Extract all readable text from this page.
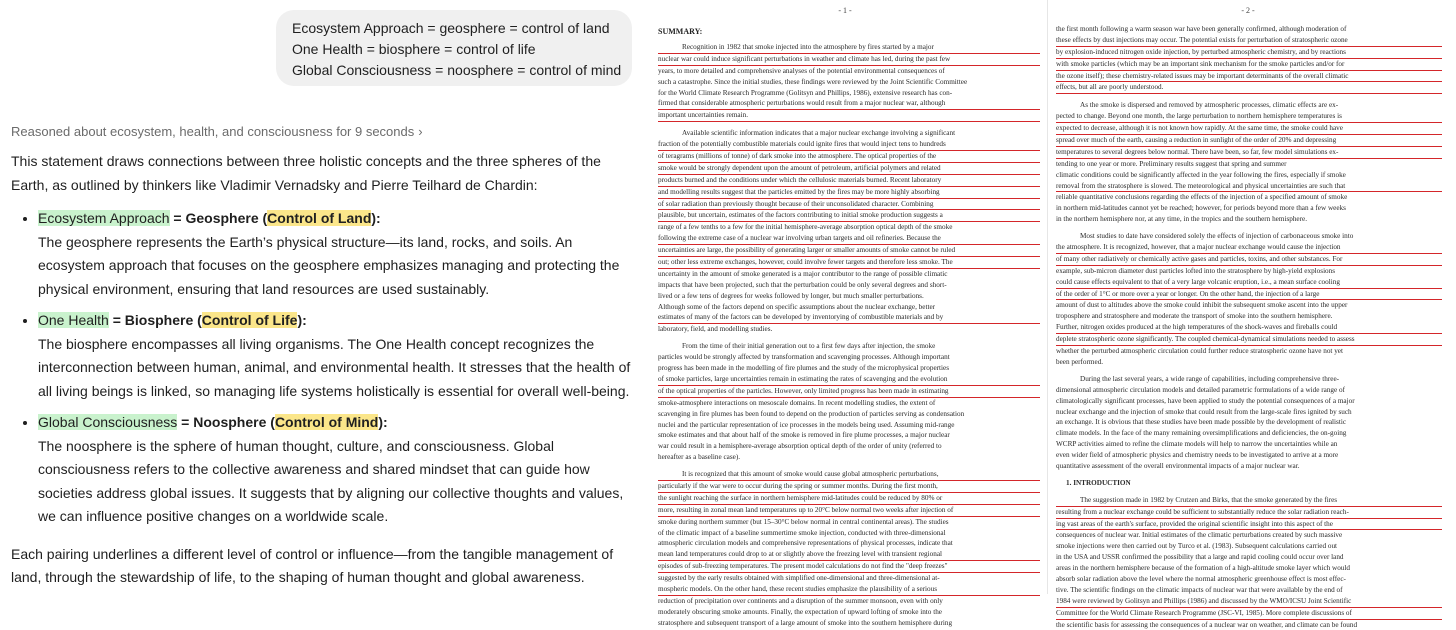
Ecosystem Approach = geosphere = control of land
One Health = biosphere = control of life
Global Consciousness = noosphere = control of mind
Reasoned about ecosystem, health, and consciousness for 9 seconds ›

This statement draws connections between three holistic concepts and the three spheres of the Earth, as outlined by thinkers like Vladimir Vernadsky and Pierre Teilhard de Chardin:

• Ecosystem Approach = Geosphere (Control of Land):
The geosphere represents the Earth’s physical structure—its land, rocks, and soils. An ecosystem approach that focuses on the geosphere emphasizes managing and protecting the physical environment, ensuring that land resources are used sustainably.
• One Health = Biosphere (Control of Life):
The biosphere encompasses all living organisms. The One Health concept recognizes the interconnection between human, animal, and environmental health. It stresses that the health of all living beings is linked, so managing life systems holistically is essential for overall well-being.
• Global Consciousness = Noosphere (Control of Mind):
The noosphere is the sphere of human thought, culture, and consciousness. Global consciousness refers to the collective awareness and shared mindset that can guide how societies address global issues. It suggests that by aligning our collective thoughts and values, we can influence positive changes on a worldwide scale.

Each pairing underlines a different level of control or influence—from the tangible management of land, through the stewardship of life, to the shaping of human thought and global awareness.

- 1 -
SUMMARY:
Recognition in 1982 that smoke injected into the atmosphere by fires started by a major
nuclear war could induce significant perturbations in weather and climate has led, during the past few
years, to more detailed and comprehensive analyses of the potential environmental consequences of
such a catastrophe. Since the initial studies, these findings were reviewed by the Joint Scientific Committee
for the World Climate Research Programme (Golitsyn and Phillips, 1986), extensive research has con-
firmed that considerable atmospheric perturbations would result from a major nuclear war, although
important uncertainties remain.
Available scientific information indicates that a major nuclear exchange involving a significant
fraction of the potentially combustible materials could ignite fires that would inject tens to hundreds
of teragrams (millions of tonne) of dark smoke into the atmosphere. The optical properties of the
smoke would be strongly dependent upon the amount of petroleum, artificial polymers and related
products burned and the conditions under which the cellulosic materials burned. Recent laboratory
and modelling results suggest that the particles emitted by the fires may be more highly absorbing
of solar radiation than previously thought because of their unconsolidated character. Combining
plausible, but uncertain, estimates of the factors contributing to initial smoke production suggests a
range of a few tenths to a few for the initial hemisphere-average absorption optical depth of the smoke
following the extreme case of a nuclear war involving urban targets and oil refineries. Because the
uncertainties are large, the possibility of generating larger or smaller amounts of smoke cannot be ruled
out; other less extreme exchanges, however, could involve fewer targets and therefore less smoke. The
uncertainty in the amount of smoke generated is a major contributor to the range of possible climatic
impacts that have been projected, such that the perturbation could be only several degrees and short-
lived or a few tens of degrees for weeks followed by longer, but much smaller perturbations.
Although some of the factors depend on specific assumptions about the nuclear exchange, better
estimates of many of the factors can be developed by inventorying of combustible materials and by
laboratory, field, and modelling studies.
From the time of their initial generation out to a first few days after injection, the smoke
particles would be strongly affected by transformation and scavenging processes. Although important
progress has been made in the modelling of fire plumes and the study of the microphysical properties
of smoke particles, large uncertainties remain in estimating the rates of scavenging and the evolution
of the optical properties of the particles. However, only limited progress has been made in estimating
smoke-atmosphere interactions on mesoscale domains. In recent modelling studies, the extent of
scavenging in fire plumes has been found to depend on the production of particles serving as condensation
nuclei and the particular representation of ice processes in the models being used. Assuming mid-range
smoke estimates and that about half of the smoke is removed in fire plume processes, a major nuclear
war could result in a hemisphere-average absorption optical depth of the order of unity (referred to
hereafter as a baseline case).
It is recognized that this amount of smoke would cause global atmospheric perturbations,
particularly if the war were to occur during the spring or summer months. During the first month,
the sunlight reaching the surface in northern hemisphere mid-latitudes could be reduced by 80% or
more, resulting in zonal mean land temperatures up to 20°C below normal two weeks after injection of
smoke during northern summer (but 15–30°C below normal in central continental areas). The studies
of the climatic impact of a baseline summertime smoke injection, conducted with three-dimensional
atmospheric circulation models and comprehensive representations of physical processes, indicate that
mean land temperatures could drop to at or slightly above the freezing level with transient regional
episodes of sub-freezing temperatures. The present model calculations do not find the "deep freezes"
suggested by the early results obtained with simplified one-dimensional and three-dimensional at-
mospheric models. On the other hand, these recent studies emphasize the plausibility of a serious
reduction of precipitation over continents and a disruption of the summer monsoon, even with only
moderately obscuring smoke amounts. Finally, the expectation of upward lofting of smoke into the
stratosphere and subsequent transport of a large amount of smoke into the southern hemisphere during
- 2 -
the first month following a warm season war have been generally confirmed, although moderation of
these effects by dust injections may occur. The potential exists for perturbation of stratospheric ozone
by explosion-induced nitrogen oxide injection, by perturbed atmospheric chemistry, and by reactions
with smoke particles (which may be an important sink mechanism for the smoke particles and/or for
the ozone itself); these chemistry-related issues may be important determinants of the overall climatic
effects, but all are poorly understood.
As the smoke is dispersed and removed by atmospheric processes, climatic effects are ex-
pected to change. Beyond one month, the large perturbation to northern hemisphere temperatures is
expected to decrease, although it is not known how rapidly. At the same time, the smoke could have
spread over much of the earth, causing a reduction in sunlight of the order of 20% and depressing
temperatures to several degrees below normal. There have been, so far, few model simulations ex-
tending to one year or more. Preliminary results suggest that spring and summer
climatic conditions could be significantly affected in the year following the fires, especially if smoke
removal from the stratosphere is slowed. The meteorological and physical uncertainties are such that
reliable quantitative conclusions regarding the effects of the injection of a specified amount of smoke
in northern mid-latitudes cannot yet be reached; however, for periods beyond more than a few weeks
in the northern hemisphere nor, at any time, in the tropics and the southern hemisphere.
Most studies to date have considered solely the effects of injection of carbonaceous smoke into
the atmosphere. It is recognized, however, that a major nuclear exchange would cause the injection
of many other radiatively or chemically active gases and particles, toxins, and other substances. For
example, sub-micron diameter dust particles lofted into the stratosphere by high-yield explosions
could cause effects equivalent to that of a very large volcanic eruption, i.e., a mean surface cooling
of the order of 1°C or more over a year or longer. On the other hand, the injection of a large
amount of dust to altitudes above the smoke could inhibit the subsequent smoke ascent into the upper
troposphere and stratosphere and moderate the transport of smoke into the southern hemisphere.
Further, nitrogen oxides produced at the high temperatures of the shock-waves and fireballs could
deplete stratospheric ozone significantly. The coupled chemical-dynamical simulations needed to assess
whether the perturbed atmospheric circulation could further reduce stratospheric ozone have not yet
been performed.
During the last several years, a wide range of capabilities, including comprehensive three-
dimensional atmospheric circulation models and detailed parametric formulations of a wide range of
climatologically significant processes, have been applied to study the potential consequences of a major
nuclear exchange and the injection of smoke that could result from the large-scale fires ignited by such
an exchange. It is obvious that these studies have been made possible by the development of realistic
climate models. In the face of the many remaining oversimplifications and deficiencies, the on-going
WCRP activities aimed to refine the climate models will help to narrow the uncertainties while an
even wider field of atmospheric physics and chemistry needs to be investigated to arrive at a more
quantitative assessment of the overall environmental impacts of a major nuclear war.
1. INTRODUCTION
The suggestion made in 1982 by Crutzen and Birks, that the smoke generated by the fires
resulting from a nuclear exchange could be sufficient to substantially reduce the solar radiation reach-
ing vast areas of the earth's surface, provided the original scientific insight into this aspect of the
consequences of nuclear war. Initial estimates of the climatic perturbations created by such massive
smoke injections were then carried out by Turco et al. (1983). Subsequent calculations carried out
in the USA and USSR confirmed the possibility that a large and rapid cooling could occur over land
areas in the northern hemisphere because of the formation of a high-altitude smoke layer which would
absorb solar radiation above the level where the normal atmospheric greenhouse effect is most effec-
tive. The scientific findings on the climatic impacts of nuclear war that were available by the end of
1984 were reviewed by Golitsyn and Phillips (1986) and discussed by the WMO/ICSU Joint Scientific
Committee for the World Climate Research Programme (JSC-VI, 1985). More complete discussions of
the scientific basis for assessing the consequences of a nuclear war on weather, and climate can be found
